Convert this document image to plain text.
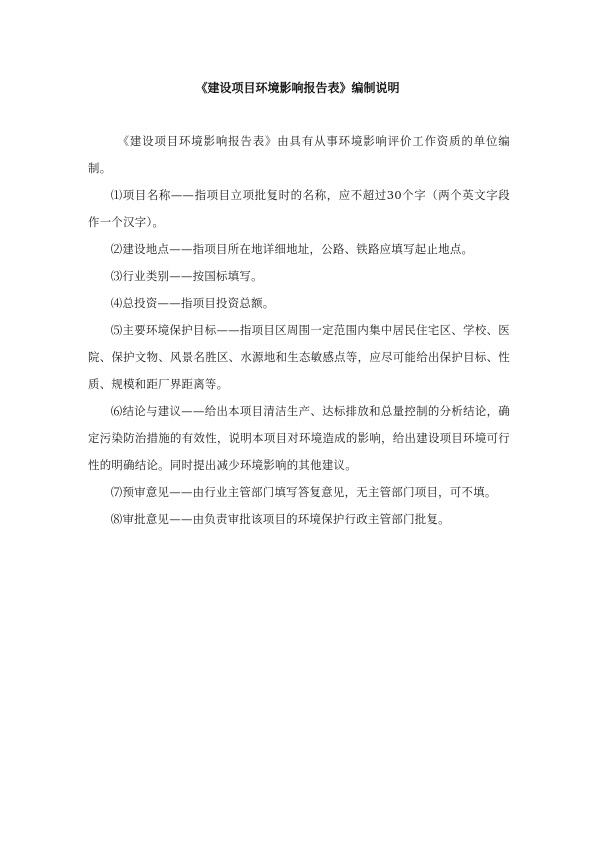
《建设项目环境影响报告表》编制说明

《建设项目环境影响报告表》由具有从事环境影响评价工作资质的单位编制。

⑴项目名称——指项目立项批复时的名称，应不超过30个字（两个英文字段作一个汉字）。

⑵建设地点——指项目所在地详细地址，公路、铁路应填写起止地点。

⑶行业类别——按国标填写。

⑷总投资——指项目投资总额。

⑸主要环境保护目标——指项目区周围一定范围内集中居民住宅区、学校、医院、保护文物、风景名胜区、水源地和生态敏感点等，应尽可能给出保护目标、性质、规模和距厂界距离等。

⑹结论与建议——给出本项目清洁生产、达标排放和总量控制的分析结论，确定污染防治措施的有效性，说明本项目对环境造成的影响，给出建设项目环境可行性的明确结论。同时提出减少环境影响的其他建议。

⑺预审意见——由行业主管部门填写答复意见，无主管部门项目，可不填。

⑻审批意见——由负责审批该项目的环境保护行政主管部门批复。
